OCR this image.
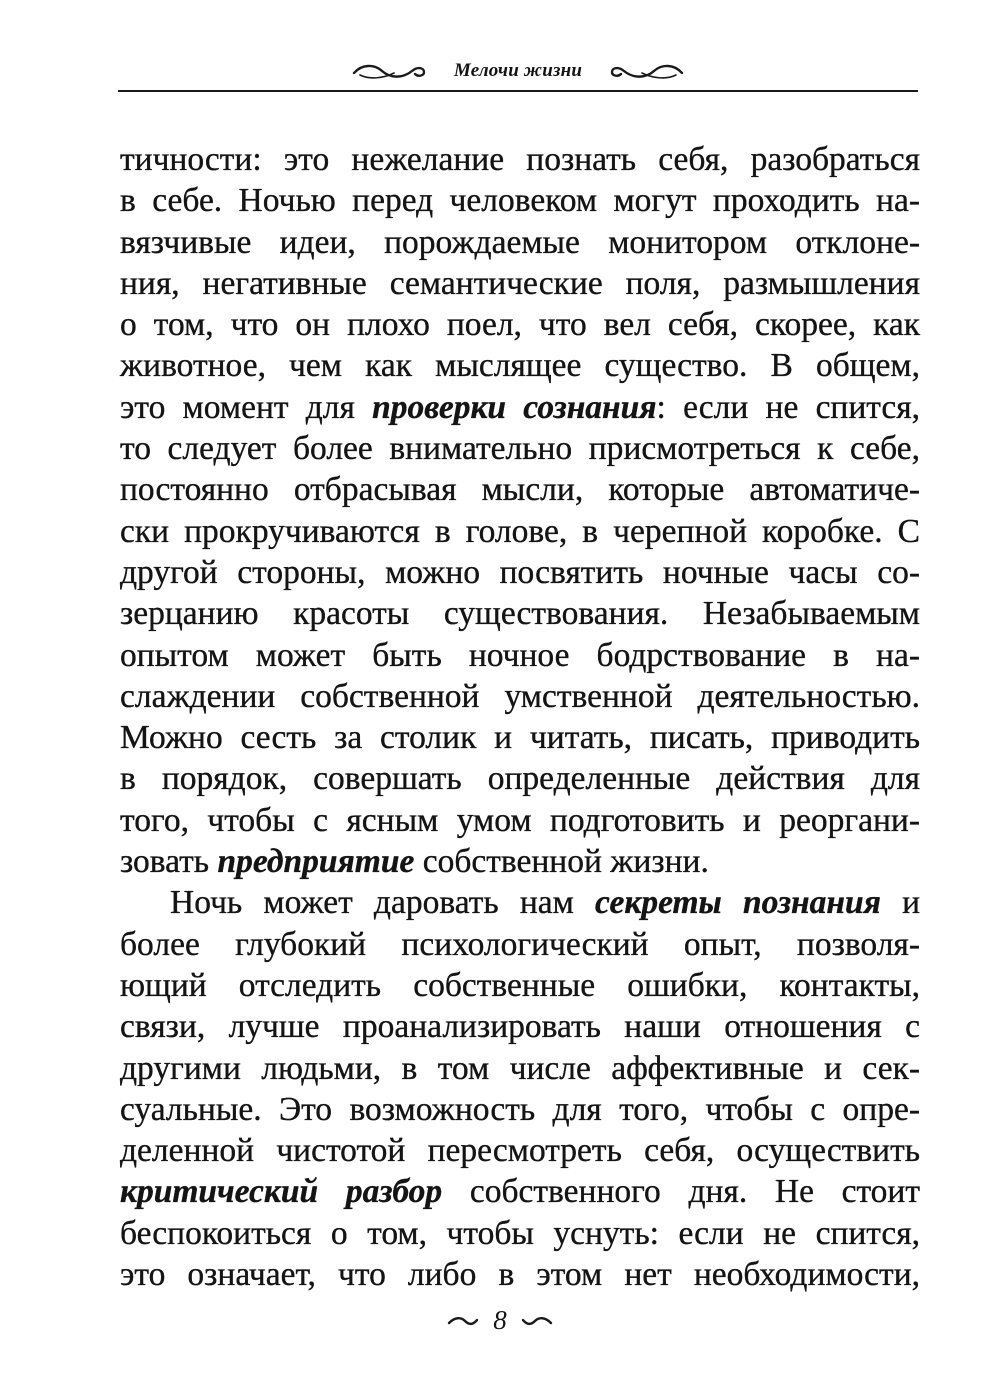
Мелочи жизни
тичности: это нежелание познать себя, разобраться
в себе. Ночью перед человеком могут проходить на-
вязчивые идеи, порождаемые монитором отклоне-
ния, негативные семантические поля, размышления
о том, что он плохо поел, что вел себя, скорее, как
животное, чем как мыслящее существо. В общем,
это момент для проверки сознания: если не спится,
то следует более внимательно присмотреться к себе,
постоянно отбрасывая мысли, которые автоматиче-
ски прокручиваются в голове, в черепной коробке. С
другой стороны, можно посвятить ночные часы со-
зерцанию красоты существования. Незабываемым
опытом может быть ночное бодрствование в на-
слаждении собственной умственной деятельностью.
Можно сесть за столик и читать, писать, приводить
в порядок, совершать определенные действия для
того, чтобы с ясным умом подготовить и реоргани-
зовать предприятие собственной жизни.
Ночь может даровать нам секреты познания и
более глубокий психологический опыт, позволя-
ющий отследить собственные ошибки, контакты,
связи, лучше проанализировать наши отношения с
другими людьми, в том числе аффективные и сек-
суальные. Это возможность для того, чтобы с опре-
деленной чистотой пересмотреть себя, осуществить
критический разбор собственного дня. Не стоит
беспокоиться о том, чтобы уснуть: если не спится,
это означает, что либо в этом нет необходимости,
8
